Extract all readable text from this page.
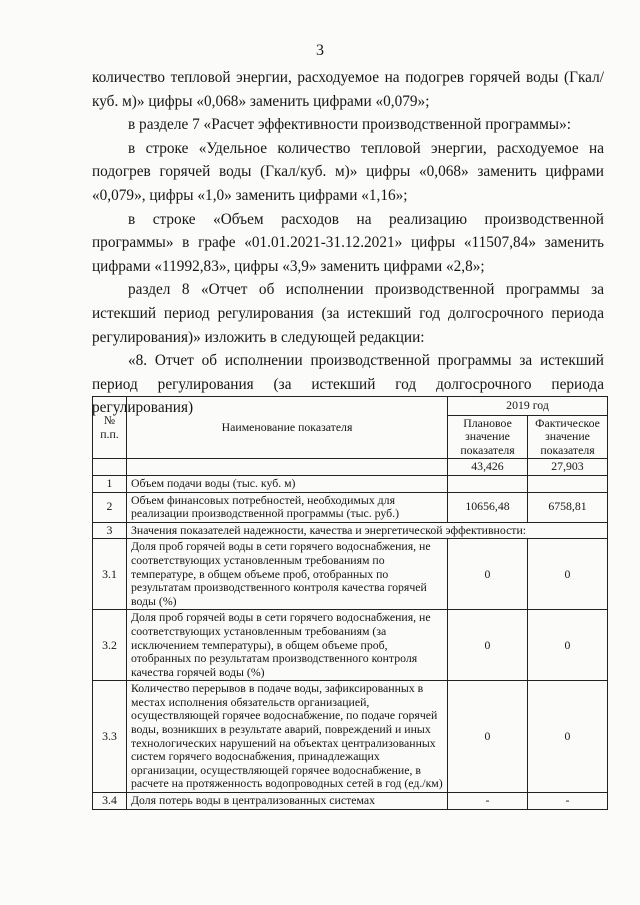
3

количество тепловой энергии, расходуемое на подогрев горячей воды (Гкал/куб. м)» цифры «0,068» заменить цифрами «0,079»;

в разделе 7 «Расчет эффективности производственной программы»:

в строке «Удельное количество тепловой энергии, расходуемое на подогрев горячей воды (Гкал/куб. м)» цифры «0,068» заменить цифрами «0,079», цифры «1,0» заменить цифрами «1,16»;

в строке «Объем расходов на реализацию производственной программы» в графе «01.01.2021-31.12.2021» цифры «11507,84» заменить цифрами «11992,83», цифры «3,9» заменить цифрами «2,8»;

раздел 8 «Отчет об исполнении производственной программы за истекший период регулирования (за истекший год долгосрочного периода регулирования)» изложить в следующей редакции:

«8. Отчет об исполнении производственной программы за истекший период регулирования (за истекший год долгосрочного периода регулирования)

№ п.п.	Наименование показателя	2019 год	
		Плановое значение показателя	Фактическое значение показателя
		43,426	27,903
1	Объем подачи воды (тыс. куб. м)		
2	Объем финансовых потребностей, необходимых для реализации производственной программы (тыс. руб.)	10656,48	6758,81
3	Значения показателей надежности, качества и энергетической эффективности:		
3.1	Доля проб горячей воды в сети горячего водоснабжения, не соответствующих установленным требованиям по температуре, в общем объеме проб, отобранных по результатам производственного контроля качества горячей воды (%)	0	0
3.2	Доля проб горячей воды в сети горячего водоснабжения, не соответствующих установленным требованиям (за исключением температуры), в общем объеме проб, отобранных по результатам производственного контроля качества горячей воды (%)	0	0
3.3	Количество перерывов в подаче воды, зафиксированных в местах исполнения обязательств организацией, осуществляющей горячее водоснабжение, по подаче горячей воды, возникших в результате аварий, повреждений и иных технологических нарушений на объектах централизованных систем горячего водоснабжения, принадлежащих организации, осуществляющей горячее водоснабжение, в расчете на протяженность водопроводных сетей в год (ед./км)	0	0
3.4	Доля потерь воды в централизованных системах	-	-
